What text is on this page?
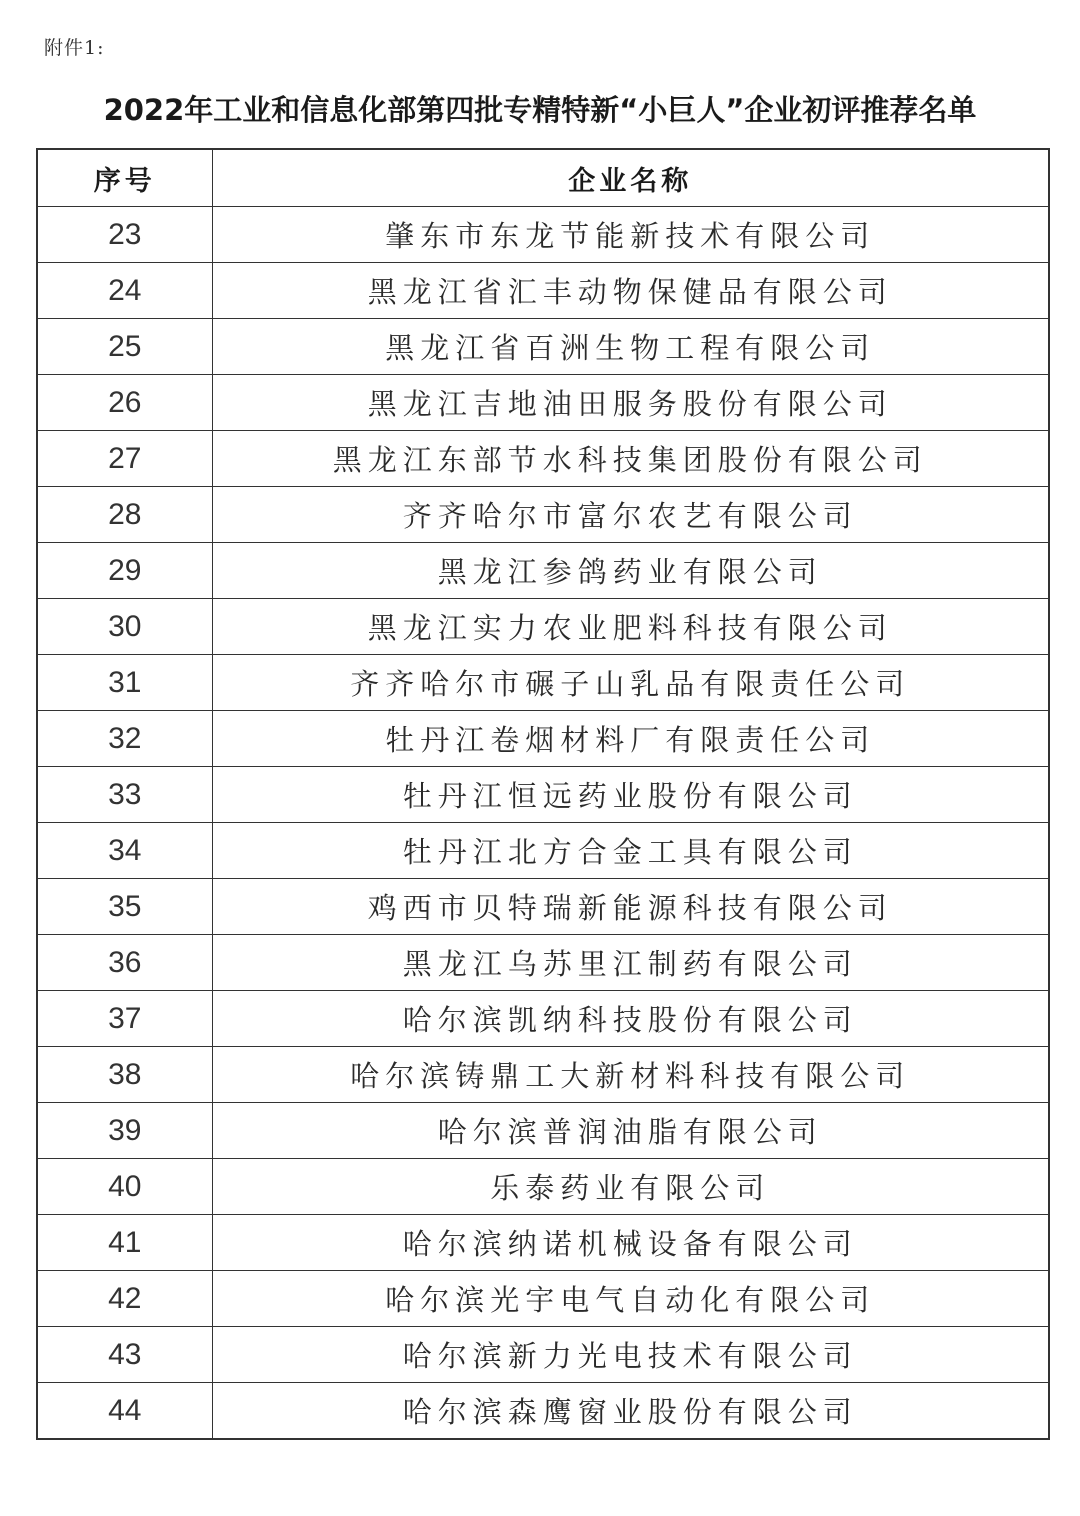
附件1:
2022年工业和信息化部第四批专精特新“小巨人”企业初评推荐名单
序号	企业名称
23	肇东市东龙节能新技术有限公司
24	黑龙江省汇丰动物保健品有限公司
25	黑龙江省百洲生物工程有限公司
26	黑龙江吉地油田服务股份有限公司
27	黑龙江东部节水科技集团股份有限公司
28	齐齐哈尔市富尔农艺有限公司
29	黑龙江参鸽药业有限公司
30	黑龙江实力农业肥料科技有限公司
31	齐齐哈尔市碾子山乳品有限责任公司
32	牡丹江卷烟材料厂有限责任公司
33	牡丹江恒远药业股份有限公司
34	牡丹江北方合金工具有限公司
35	鸡西市贝特瑞新能源科技有限公司
36	黑龙江乌苏里江制药有限公司
37	哈尔滨凯纳科技股份有限公司
38	哈尔滨铸鼎工大新材料科技有限公司
39	哈尔滨普润油脂有限公司
40	乐泰药业有限公司
41	哈尔滨纳诺机械设备有限公司
42	哈尔滨光宇电气自动化有限公司
43	哈尔滨新力光电技术有限公司
44	哈尔滨森鹰窗业股份有限公司
